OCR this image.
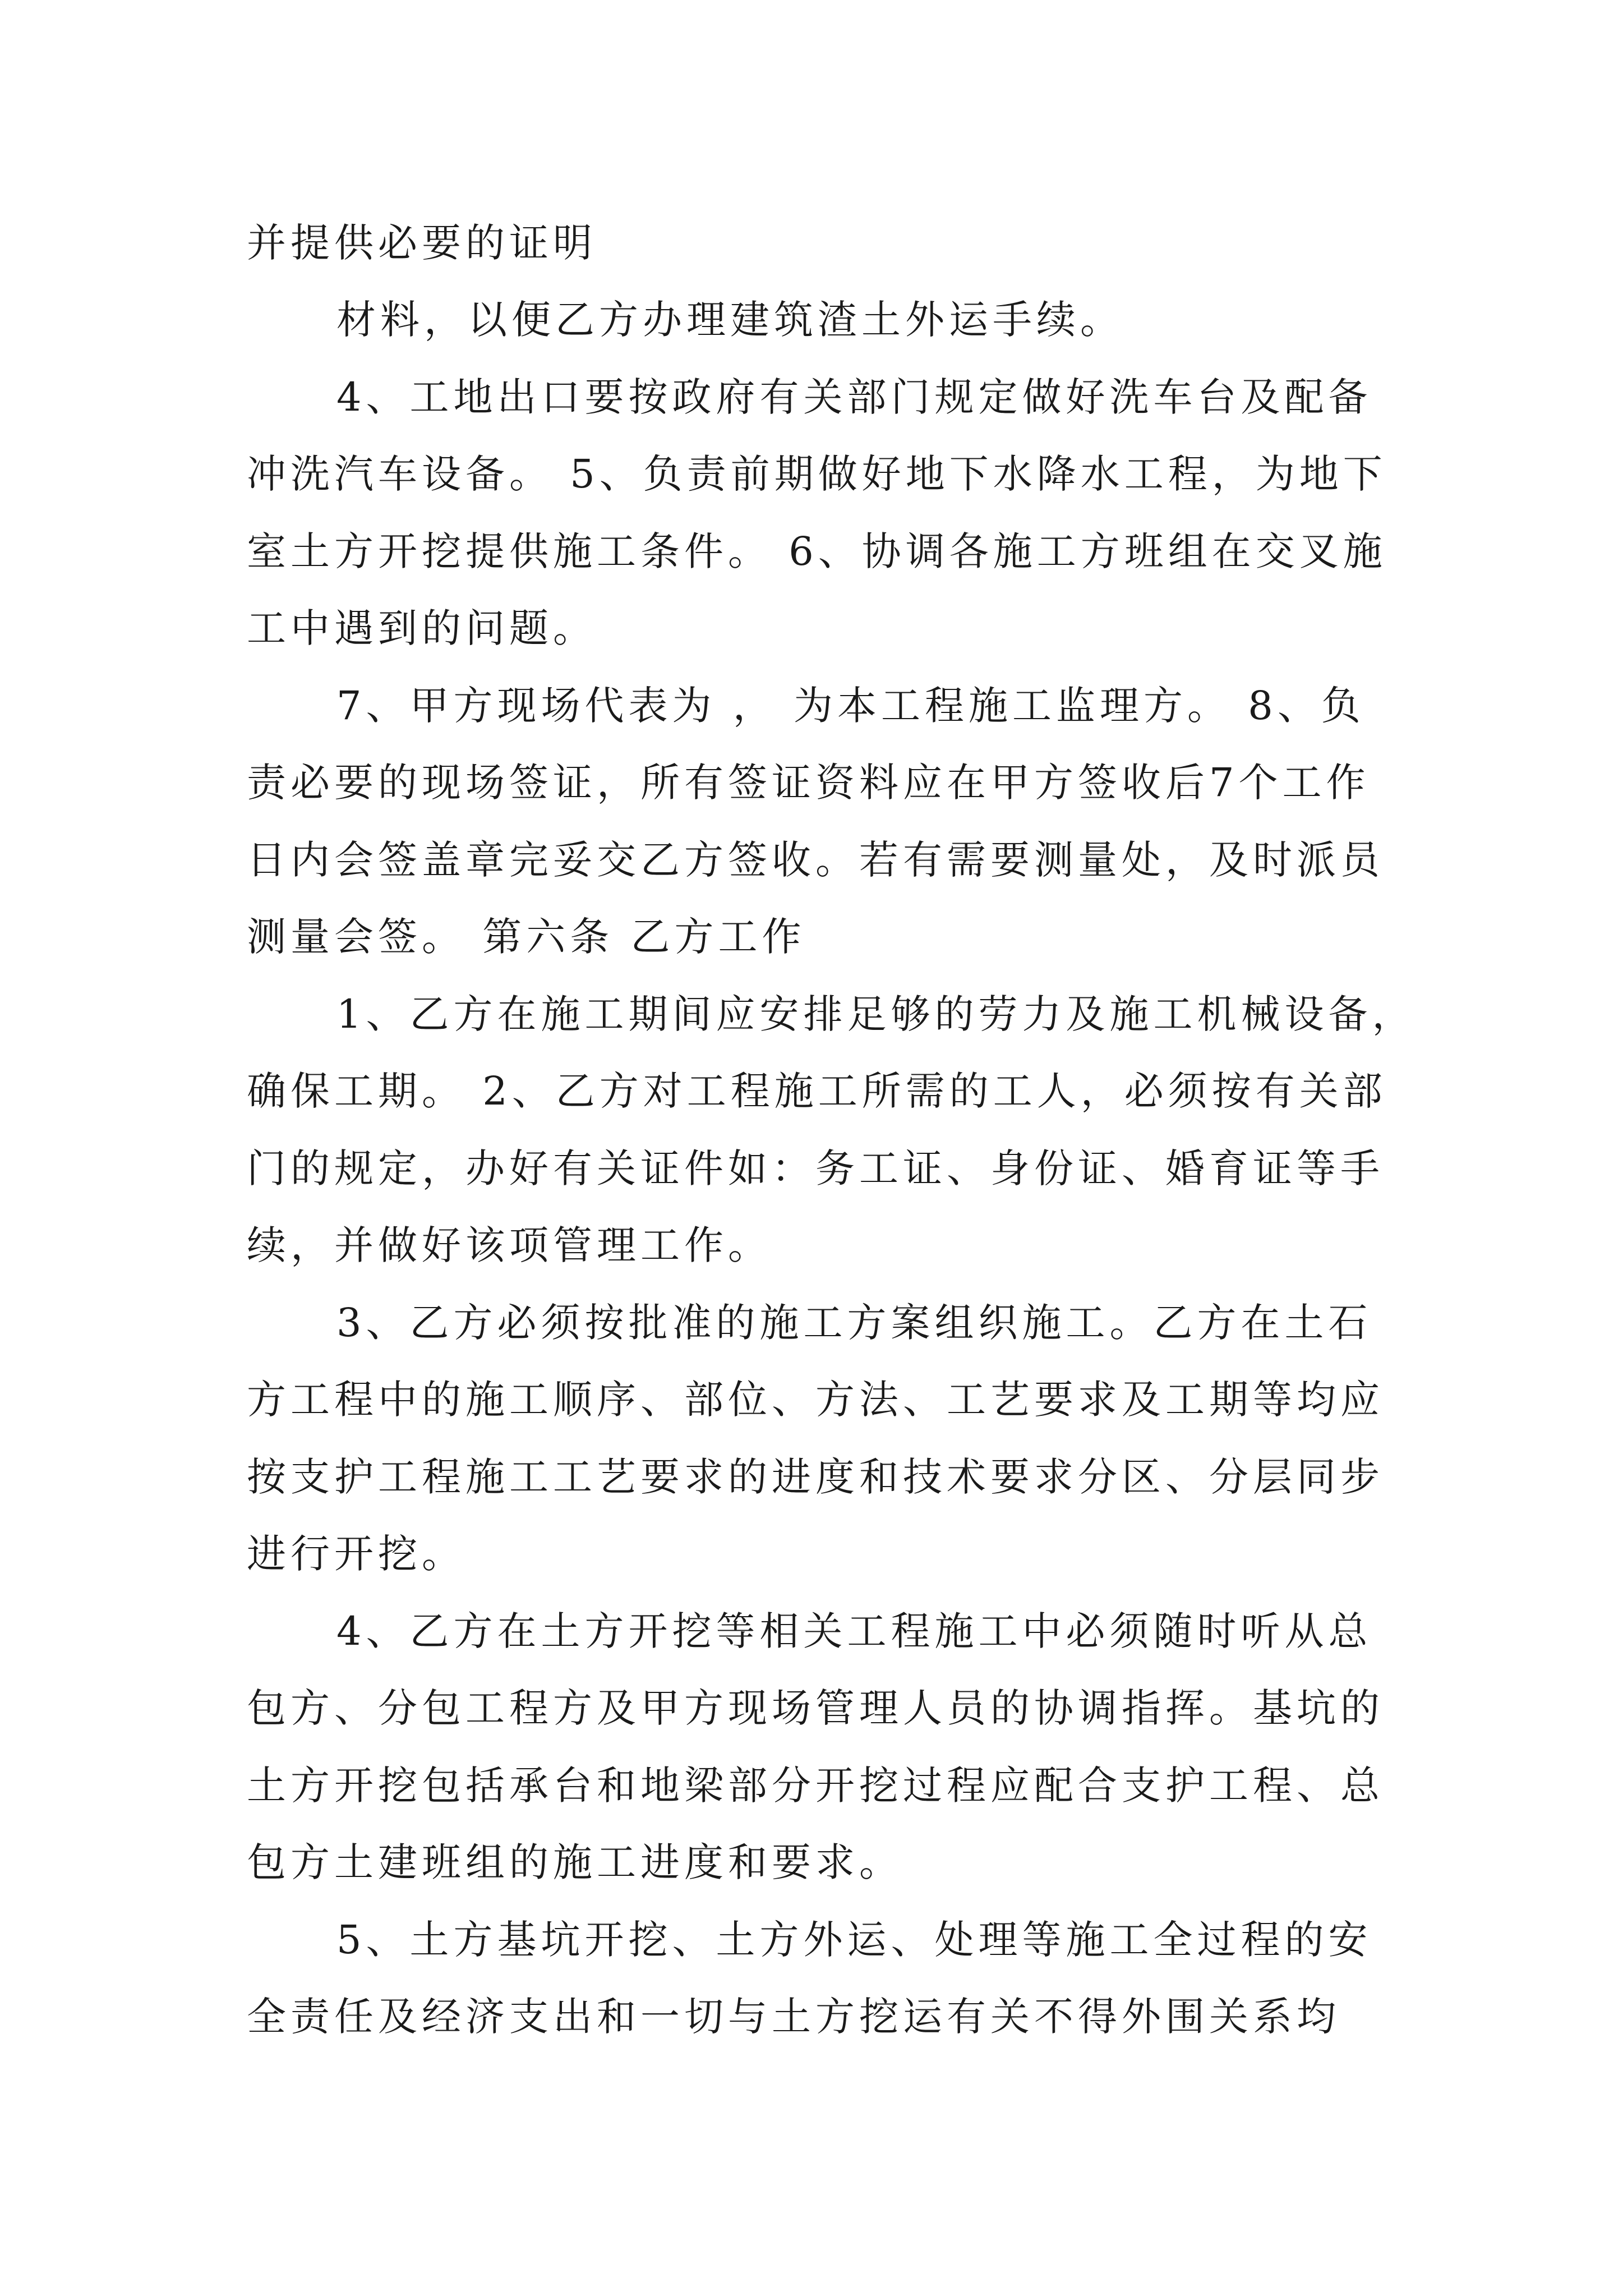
并提供必要的证明
材料，以便乙方办理建筑渣土外运手续。
4、工地出口要按政府有关部门规定做好洗车台及配备
冲洗汽车设备。 5、负责前期做好地下水降水工程，为地下
室土方开挖提供施工条件。 6、协调各施工方班组在交叉施
工中遇到的问题。
7、甲方现场代表为 ， 为本工程施工监理方。 8、负
责必要的现场签证，所有签证资料应在甲方签收后7个工作
日内会签盖章完妥交乙方签收。若有需要测量处，及时派员
测量会签。 第六条 乙方工作
1、乙方在施工期间应安排足够的劳力及施工机械设备，
确保工期。 2、乙方对工程施工所需的工人，必须按有关部
门的规定，办好有关证件如：务工证、身份证、婚育证等手
续，并做好该项管理工作。
3、乙方必须按批准的施工方案组织施工。乙方在土石
方工程中的施工顺序、部位、方法、工艺要求及工期等均应
按支护工程施工工艺要求的进度和技术要求分区、分层同步
进行开挖。
4、乙方在土方开挖等相关工程施工中必须随时听从总
包方、分包工程方及甲方现场管理人员的协调指挥。基坑的
土方开挖包括承台和地梁部分开挖过程应配合支护工程、总
包方土建班组的施工进度和要求。
5、土方基坑开挖、土方外运、处理等施工全过程的安
全责任及经济支出和一切与土方挖运有关不得外围关系均
